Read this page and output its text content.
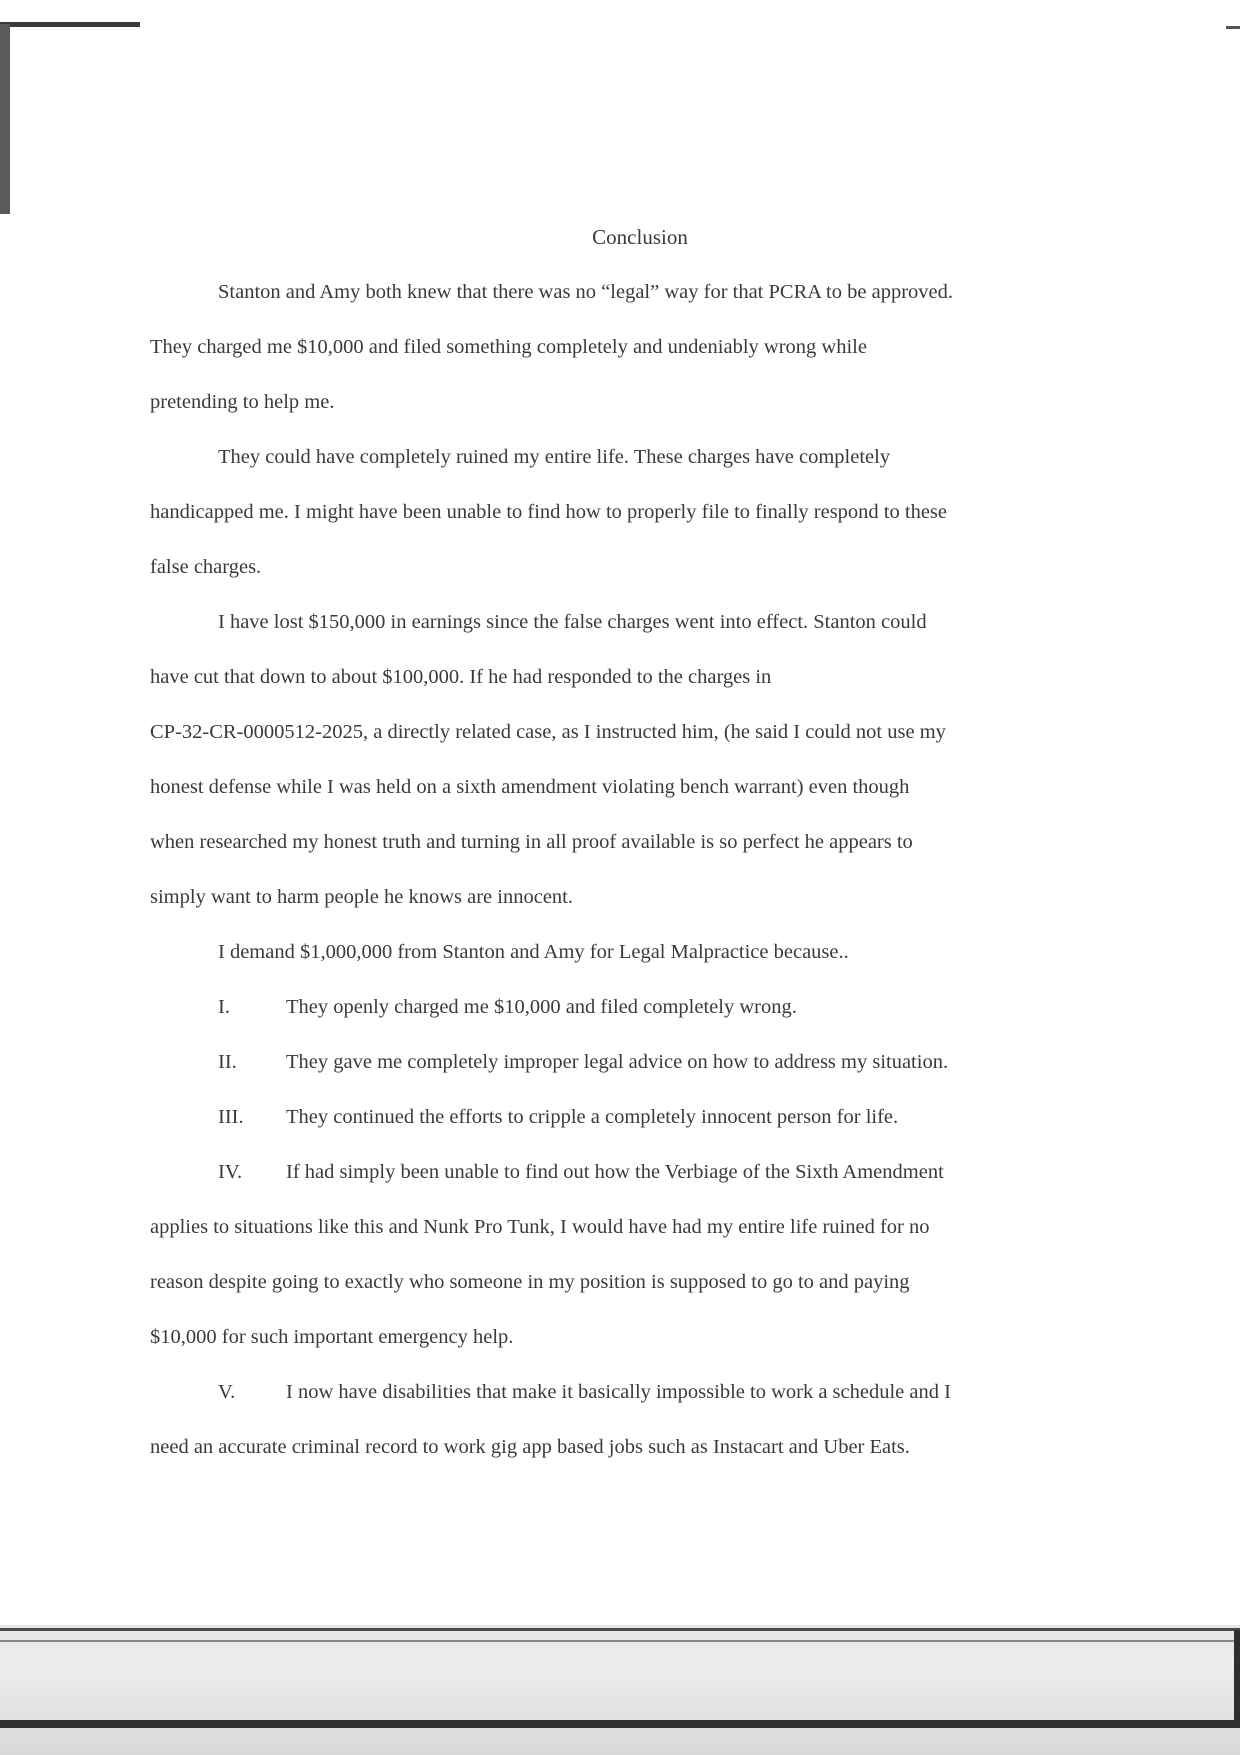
Conclusion
Stanton and Amy both knew that there was no “legal” way for that PCRA to be approved.
They charged me $10,000 and filed something completely and undeniably wrong while
pretending to help me.
They could have completely ruined my entire life. These charges have completely
handicapped me. I might have been unable to find how to properly file to finally respond to these
false charges.
I have lost $150,000 in earnings since the false charges went into effect. Stanton could
have cut that down to about $100,000. If he had responded to the charges in
CP-32-CR-0000512-2025, a directly related case, as I instructed him, (he said I could not use my
honest defense while I was held on a sixth amendment violating bench warrant) even though
when researched my honest truth and turning in all proof available is so perfect he appears to
simply want to harm people he knows are innocent.
I demand $1,000,000 from Stanton and Amy for Legal Malpractice because..
I.	They openly charged me $10,000 and filed completely wrong.
II. They gave me completely improper legal advice on how to address my situation.
III. They continued the efforts to cripple a completely innocent person for life.
IV. If had simply been unable to find out how the Verbiage of the Sixth Amendment
applies to situations like this and Nunk Pro Tunk, I would have had my entire life ruined for no
reason despite going to exactly who someone in my position is supposed to go to and paying
$10,000 for such important emergency help.
V. I now have disabilities that make it basically impossible to work a schedule and I
need an accurate criminal record to work gig app based jobs such as Instacart and Uber Eats.
